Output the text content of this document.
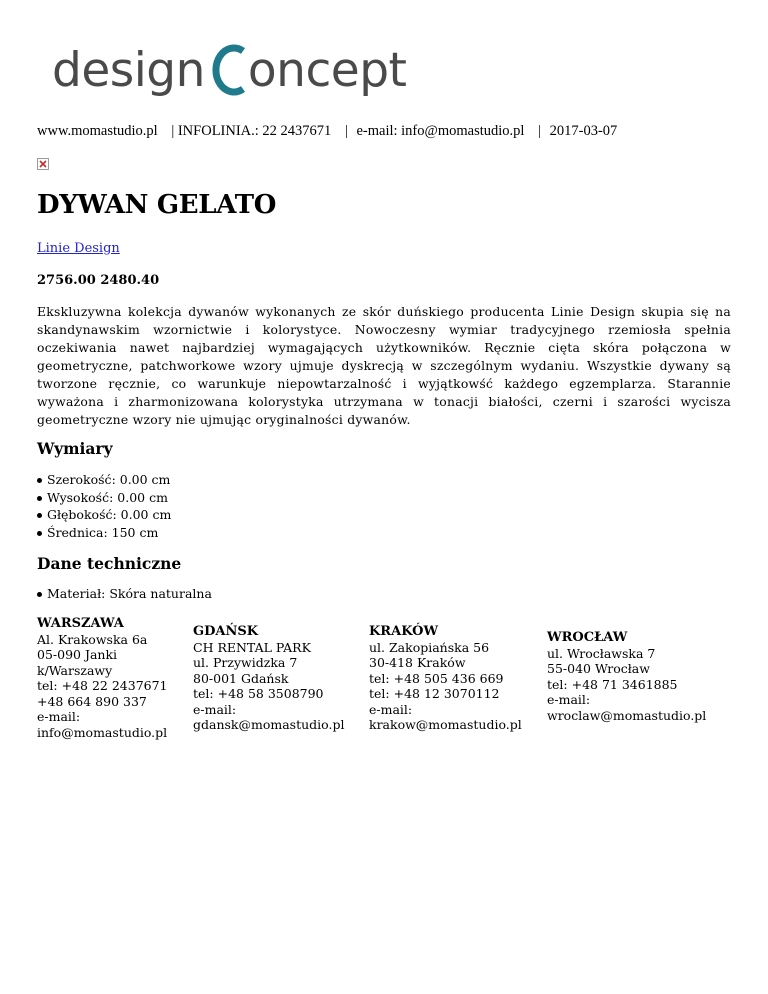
design oncept
www.momastudio.pl | INFOLINIA.: 22 2437671 | e-mail: info@momastudio.pl | 2017-03-07
DYWAN GELATO
Linie Design
2756.00 2480.40

Ekskluzywna kolekcja dywanów wykonanych ze skór duńskiego producenta Linie Design skupia się na skandynawskim wzornictwie i kolorystyce. Nowoczesny wymiar tradycyjnego rzemiosła spełnia oczekiwania nawet najbardziej wymagających użytkowników. Ręcznie cięta skóra połączona w geometryczne, patchworkowe wzory ujmuje dyskrecją w szczególnym wydaniu. Wszystkie dywany są tworzone ręcznie, co warunkuje niepowtarzalność i wyjątkowść każdego egzemplarza. Starannie wyważona i zharmonizowana kolorystyka utrzymana w tonacji białości, czerni i szarości wycisza geometryczne wzory nie ujmując oryginalności dywanów.

Wymiary
Szerokość: 0.00 cm
Wysokość: 0.00 cm
Głębokość: 0.00 cm
Średnica: 150 cm
Dane techniczne
Materiał: Skóra naturalna
WARSZAWA
Al. Krakowska 6a
05-090 Janki
k/Warszawy
tel: +48 22 2437671
+48 664 890 337
e-mail:
info@momastudio.pl
GDAŃSK
CH RENTAL PARK
ul. Przywidzka 7
80-001 Gdańsk
tel: +48 58 3508790
e-mail:
gdansk@momastudio.pl
KRAKÓW
ul. Zakopiańska 56
30-418 Kraków
tel: +48 505 436 669
tel: +48 12 3070112
e-mail:
krakow@momastudio.pl
WROCŁAW
ul. Wrocławska 7
55-040 Wrocław
tel: +48 71 3461885
e-mail:
wroclaw@momastudio.pl
